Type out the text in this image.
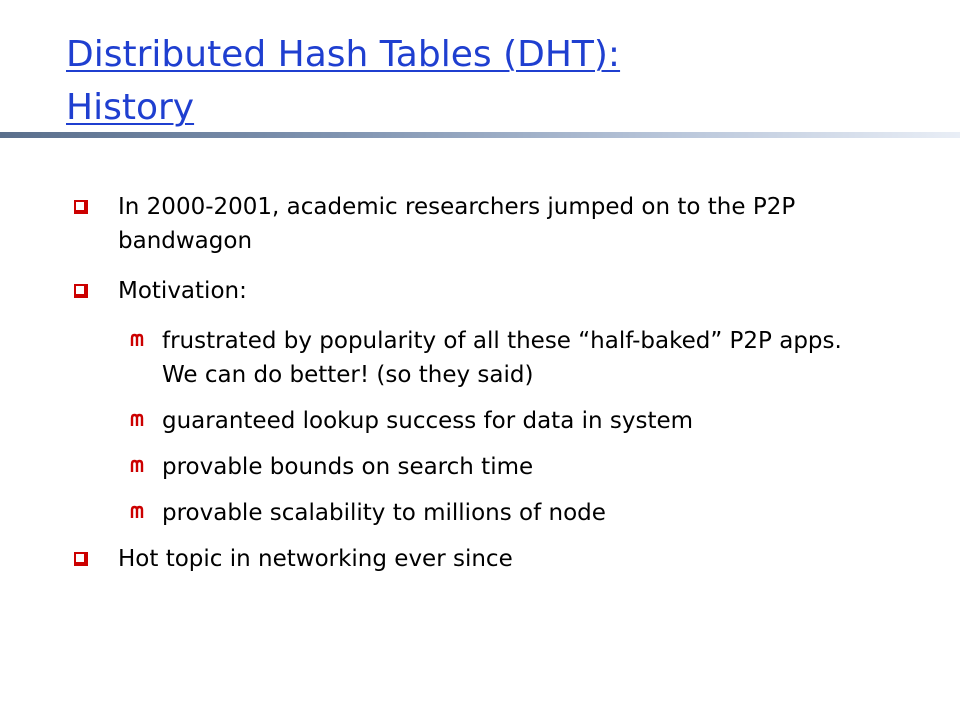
Distributed Hash Tables (DHT):
History
In 2000-2001, academic researchers jumped on to the P2P bandwagon
Motivation:
frustrated by popularity of all these “half-baked” P2P apps. We can do better! (so they said)
guaranteed lookup success for data in system
provable bounds on search time
provable scalability to millions of node
Hot topic in networking ever since
